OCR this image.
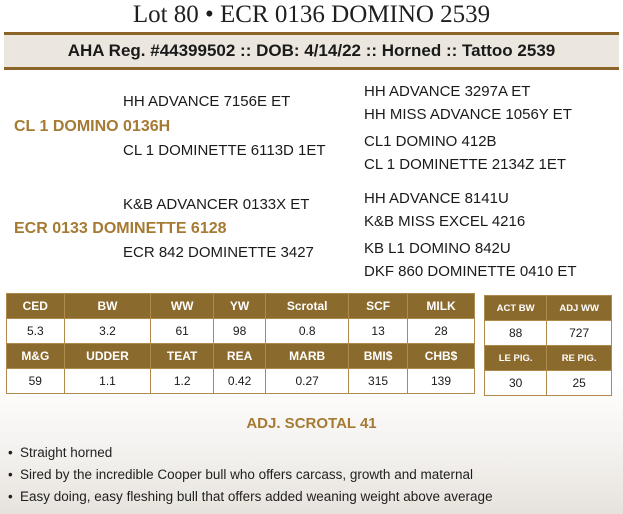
Lot 80 • ECR 0136 DOMINO 2539
AHA Reg. #44399502 :: DOB: 4/14/22 :: Horned :: Tattoo 2539
HH ADVANCE 7156E ET
CL 1 DOMINO 0136H
CL 1 DOMINETTE 6113D 1ET
K&B ADVANCER 0133X ET
ECR 0133 DOMINETTE 6128
ECR 842 DOMINETTE 3427
HH ADVANCE 3297A ET
HH MISS ADVANCE 1056Y ET
CL1 DOMINO 412B
CL 1 DOMINETTE 2134Z 1ET
HH ADVANCE 8141U
K&B MISS EXCEL 4216
KB L1 DOMINO 842U
DKF 860 DOMINETTE 0410 ET
CED	BW	WW	YW	Scrotal	SCF	MILK
5.3	3.2	61	98	0.8	13	28
M&G	UDDER	TEAT	REA	MARB	BMI$	CHB$
59	1.1	1.2	0.42	0.27	315	139
ACT BW	ADJ WW
88	727
LE PIG.	RE PIG.
30	25
ADJ. SCROTAL 41
• Straight horned
• Sired by the incredible Cooper bull who offers carcass, growth and maternal
• Easy doing, easy fleshing bull that offers added weaning weight above average
